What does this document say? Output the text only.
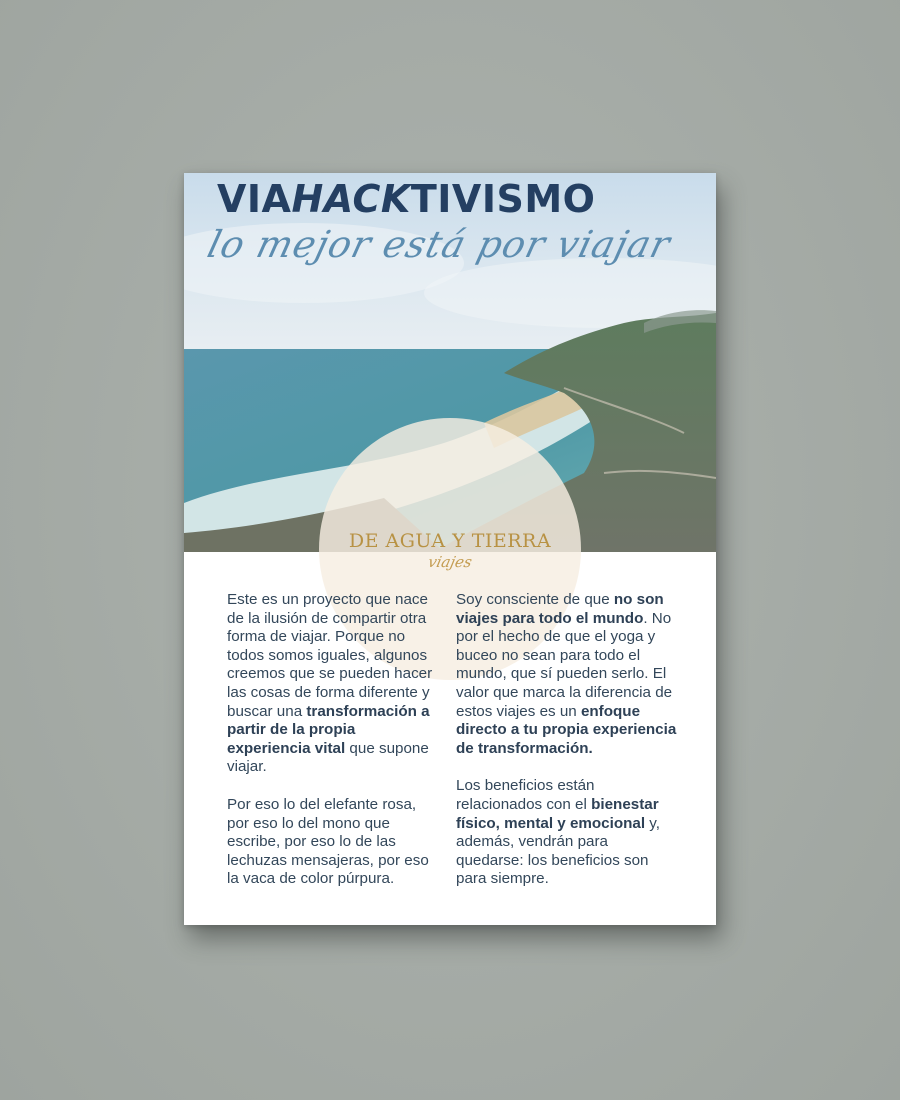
VIAHACKTIVISMO
lo mejor está por viajar
DE AGUA Y TIERRA
viajes

Este es un proyecto que nace de la ilusión de compartir otra forma de viajar. Porque no todos somos iguales, algunos creemos que se pueden hacer las cosas de forma diferente y buscar una transformación a partir de la propia experiencia vital que supone viajar.

Por eso lo del elefante rosa, por eso lo del mono que escribe, por eso lo de las lechuzas mensajeras, por eso la vaca de color púrpura.

Soy consciente de que no son viajes para todo el mundo. No por el hecho de que el yoga y buceo no sean para todo el mundo, que sí pueden serlo. El valor que marca la diferencia de estos viajes es un enfoque directo a tu propia experiencia de transformación.

Los beneficios están relacionados con el bienestar físico, mental y emocional y, además, vendrán para quedarse: los beneficios son para siempre.
